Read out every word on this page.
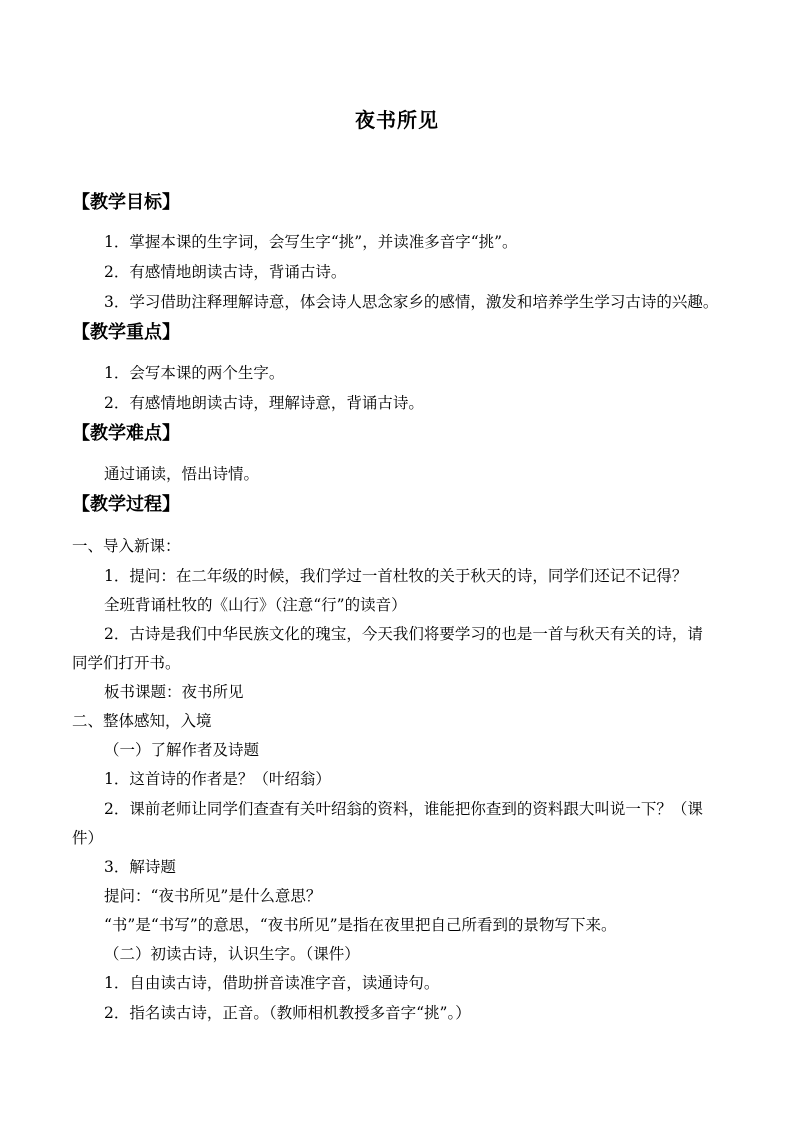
夜书所见
【教学目标】
1．掌握本课的生字词，会写生字“挑”，并读准多音字“挑”。
2．有感情地朗读古诗，背诵古诗。
3．学习借助注释理解诗意，体会诗人思念家乡的感情，激发和培养学生学习古诗的兴趣。
【教学重点】
1．会写本课的两个生字。
2．有感情地朗读古诗，理解诗意，背诵古诗。
【教学难点】
通过诵读，悟出诗情。
【教学过程】
一、导入新课：
1．提问：在二年级的时候，我们学过一首杜牧的关于秋天的诗，同学们还记不记得？
全班背诵杜牧的《山行》（注意“行”的读音）
2．古诗是我们中华民族文化的瑰宝，今天我们将要学习的也是一首与秋天有关的诗，请
同学们打开书。
板书课题：夜书所见
二、整体感知，入境
（一）了解作者及诗题
1．这首诗的作者是？（叶绍翁）
2．课前老师让同学们查查有关叶绍翁的资料，谁能把你查到的资料跟大叫说一下？（课
件）
3．解诗题
提问：“夜书所见”是什么意思？
“书”是“书写”的意思，“夜书所见”是指在夜里把自己所看到的景物写下来。
（二）初读古诗，认识生字。（课件）
1．自由读古诗，借助拼音读准字音，读通诗句。
2．指名读古诗，正音。（教师相机教授多音字“挑”。）
